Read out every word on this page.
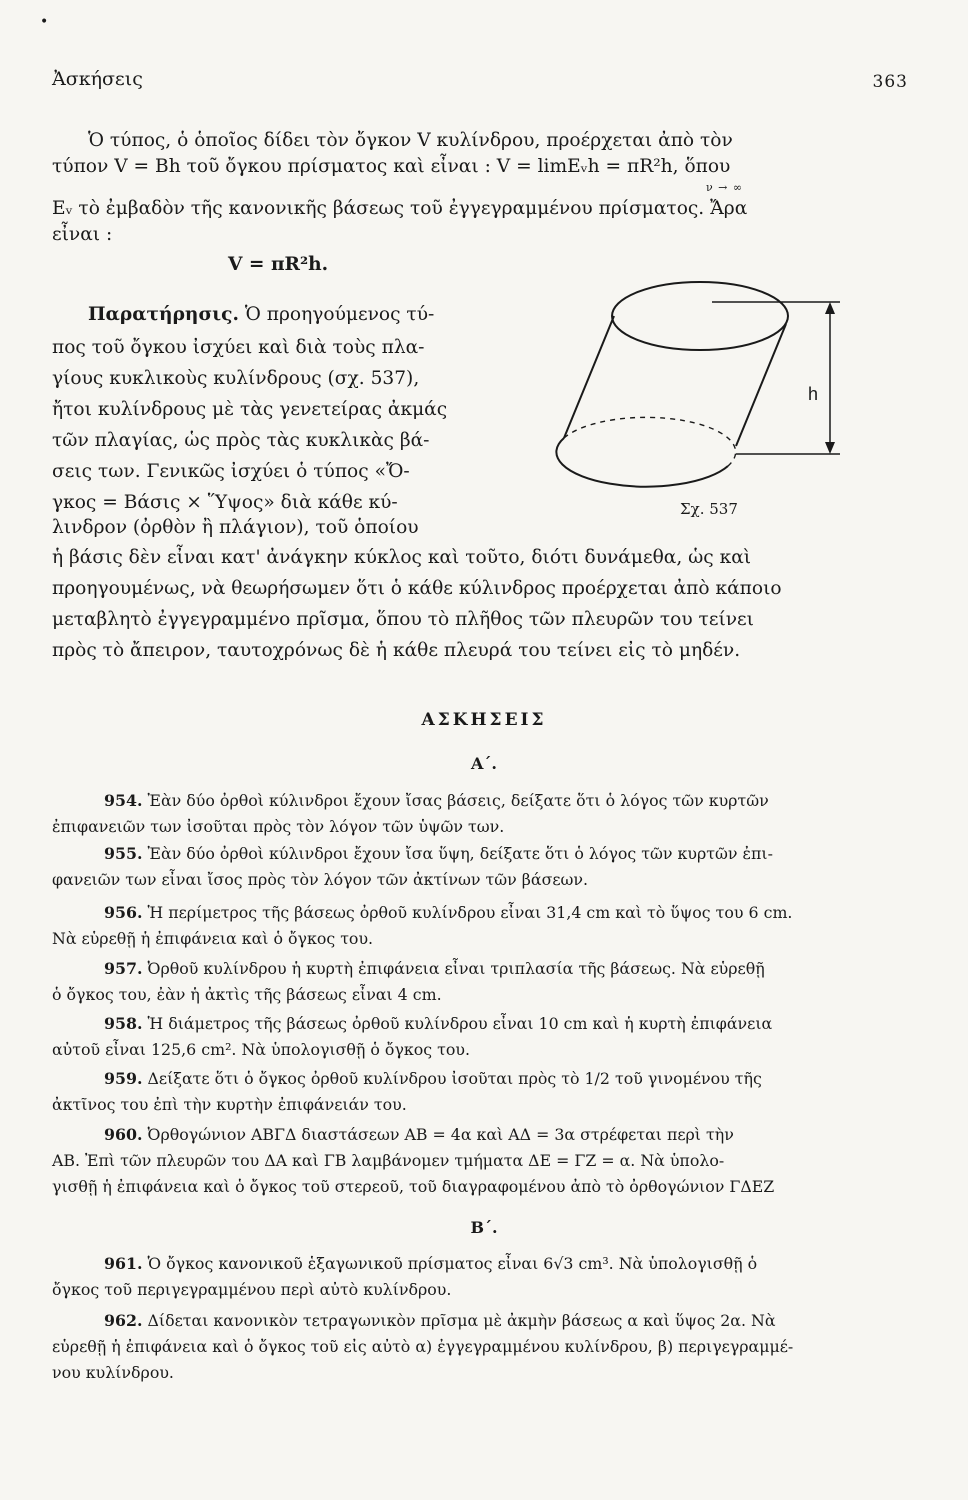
•
Ἀσκήσεις	363
Ὁ τύπος, ὁ ὁποῖος δίδει τὸν ὄγκον V κυλίνδρου, προέρχεται ἀπὸ τὸν
τύπον V = Bh τοῦ ὄγκου πρίσματος καὶ εἶναι : V = limEᵥh = πR²h, ὅπου
ν → ∞
Eᵥ τὸ ἐμβαδὸν τῆς κανονικῆς βάσεως τοῦ ἐγγεγραμμένου πρίσματος. Ἄρα
εἶναι :
V = πR²h.
Παρατήρησις. Ὁ προηγούμενος τύ-
πος τοῦ ὄγκου ἰσχύει καὶ διὰ τοὺς πλα-
γίους κυκλικοὺς κυλίνδρους (σχ. 537),
ἤτοι κυλίνδρους μὲ τὰς γενετείρας ἀκμάς
τῶν πλαγίας, ὡς πρὸς τὰς κυκλικὰς βά-
σεις των. Γενικῶς ἰσχύει ὁ τύπος «Ὄ-
γκος = Βάσις × Ὕψος» διὰ κάθε κύ-
λινδρον (ὀρθὸν ἢ πλάγιον), τοῦ ὁποίου
ἡ βάσις δὲν εἶναι κατ' ἀνάγκην κύκλος καὶ τοῦτο, διότι δυνάμεθα, ὡς καὶ
προηγουμένως, νὰ θεωρήσωμεν ὅτι ὁ κάθε κύλινδρος προέρχεται ἀπὸ κάποιο
μεταβλητὸ ἐγγεγραμμένο πρῖσμα, ὅπου τὸ πλῆθος τῶν πλευρῶν του τείνει
πρὸς τὸ ἄπειρον, ταυτοχρόνως δὲ ἡ κάθε πλευρά του τείνει εἰς τὸ μηδέν.
h
Σχ. 537
ΑΣΚΗΣΕΙΣ
Α΄.
954. Ἐὰν δύο ὀρθοὶ κύλινδροι ἔχουν ἴσας βάσεις, δείξατε ὅτι ὁ λόγος τῶν κυρτῶν
ἐπιφανειῶν των ἰσοῦται πρὸς τὸν λόγον τῶν ὑψῶν των.
955. Ἐὰν δύο ὀρθοὶ κύλινδροι ἔχουν ἴσα ὕψη, δείξατε ὅτι ὁ λόγος τῶν κυρτῶν ἐπι-
φανειῶν των εἶναι ἴσος πρὸς τὸν λόγον τῶν ἀκτίνων τῶν βάσεων.
956. Ἡ περίμετρος τῆς βάσεως ὀρθοῦ κυλίνδρου εἶναι 31,4 cm καὶ τὸ ὕψος του 6 cm.
Νὰ εὑρεθῇ ἡ ἐπιφάνεια καὶ ὁ ὄγκος του.
957. Ὀρθοῦ κυλίνδρου ἡ κυρτὴ ἐπιφάνεια εἶναι τριπλασία τῆς βάσεως. Νὰ εὑρεθῇ
ὁ ὄγκος του, ἐὰν ἡ ἀκτὶς τῆς βάσεως εἶναι 4 cm.
958. Ἡ διάμετρος τῆς βάσεως ὀρθοῦ κυλίνδρου εἶναι 10 cm καὶ ἡ κυρτὴ ἐπιφάνεια
αὐτοῦ εἶναι 125,6 cm². Νὰ ὑπολογισθῇ ὁ ὄγκος του.
959. Δείξατε ὅτι ὁ ὄγκος ὀρθοῦ κυλίνδρου ἰσοῦται πρὸς τὸ 1/2 τοῦ γινομένου τῆς
ἀκτῖνος του ἐπὶ τὴν κυρτὴν ἐπιφάνειάν του.
960. Ὀρθογώνιον ΑΒΓΔ διαστάσεων ΑΒ = 4α καὶ ΑΔ = 3α στρέφεται περὶ τὴν
ΑΒ. Ἐπὶ τῶν πλευρῶν του ΔΑ καὶ ΓΒ λαμβάνομεν τμήματα ΔΕ = ΓΖ = α. Νὰ ὑπολο-
γισθῇ ἡ ἐπιφάνεια καὶ ὁ ὄγκος τοῦ στερεοῦ, τοῦ διαγραφομένου ἀπὸ τὸ ὀρθογώνιον ΓΔΕΖ
Β΄.
961. Ὁ ὄγκος κανονικοῦ ἑξαγωνικοῦ πρίσματος εἶναι 6√3 cm³. Νὰ ὑπολογισθῇ ὁ
ὄγκος τοῦ περιγεγραμμένου περὶ αὐτὸ κυλίνδρου.
962. Δίδεται κανονικὸν τετραγωνικὸν πρῖσμα μὲ ἀκμὴν βάσεως α καὶ ὕψος 2α. Νὰ
εὑρεθῇ ἡ ἐπιφάνεια καὶ ὁ ὄγκος τοῦ εἰς αὐτὸ α) ἐγγεγραμμένου κυλίνδρου, β) περιγεγραμμέ-
νου κυλίνδρου.
